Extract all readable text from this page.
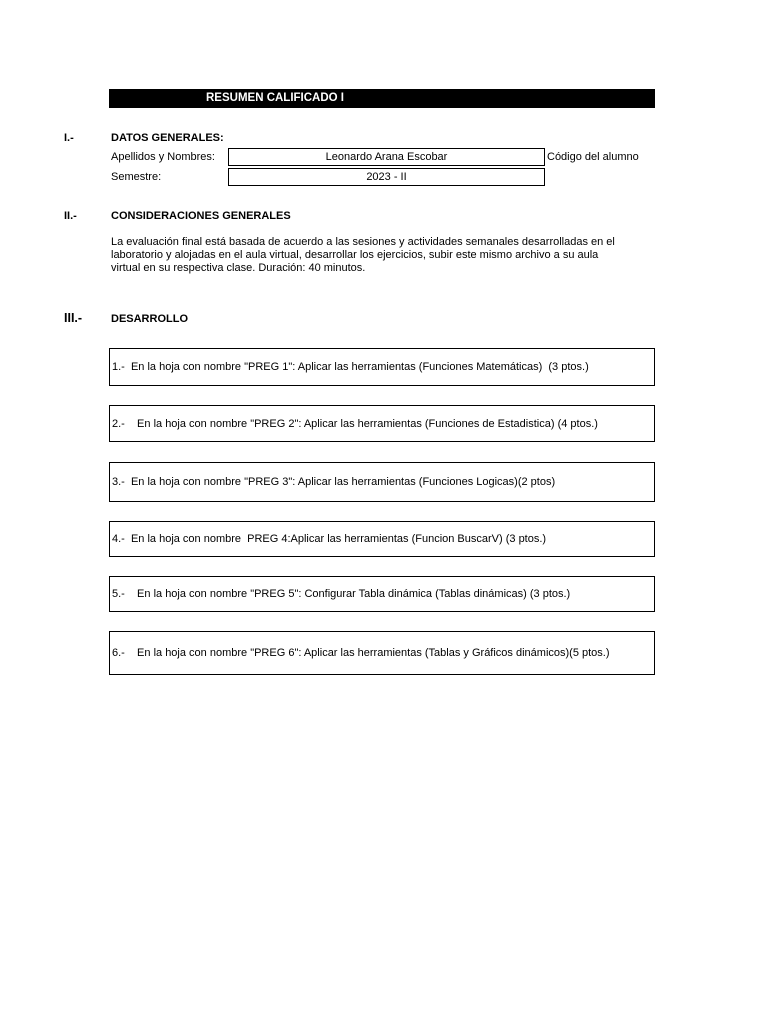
RESUMEN CALIFICADO I
I.-	DATOS GENERALES:
Apellidos y Nombres:	Leonardo Arana Escobar	Código del alumno
Semestre:	2023 - II
II.-	CONSIDERACIONES GENERALES
La evaluación final está basada de acuerdo a las sesiones y actividades semanales desarrolladas en el
laboratorio y alojadas en el aula virtual, desarrollar los ejercicios, subir este mismo archivo a su aula
virtual en su respectiva clase. Duración: 40 minutos.
III.-	DESARROLLO
1.-  En la hoja con nombre "PREG 1": Aplicar las herramientas (Funciones Matemáticas)  (3 ptos.)
2.-    En la hoja con nombre "PREG 2": Aplicar las herramientas (Funciones de Estadistica) (4 ptos.)
3.-  En la hoja con nombre "PREG 3": Aplicar las herramientas (Funciones Logicas)(2 ptos)
4.-  En la hoja con nombre  PREG 4:Aplicar las herramientas (Funcion BuscarV) (3 ptos.)
5.-    En la hoja con nombre "PREG 5": Configurar Tabla dinámica (Tablas dinámicas) (3 ptos.)
6.-    En la hoja con nombre "PREG 6": Aplicar las herramientas (Tablas y Gráficos dinámicos)(5 ptos.)
